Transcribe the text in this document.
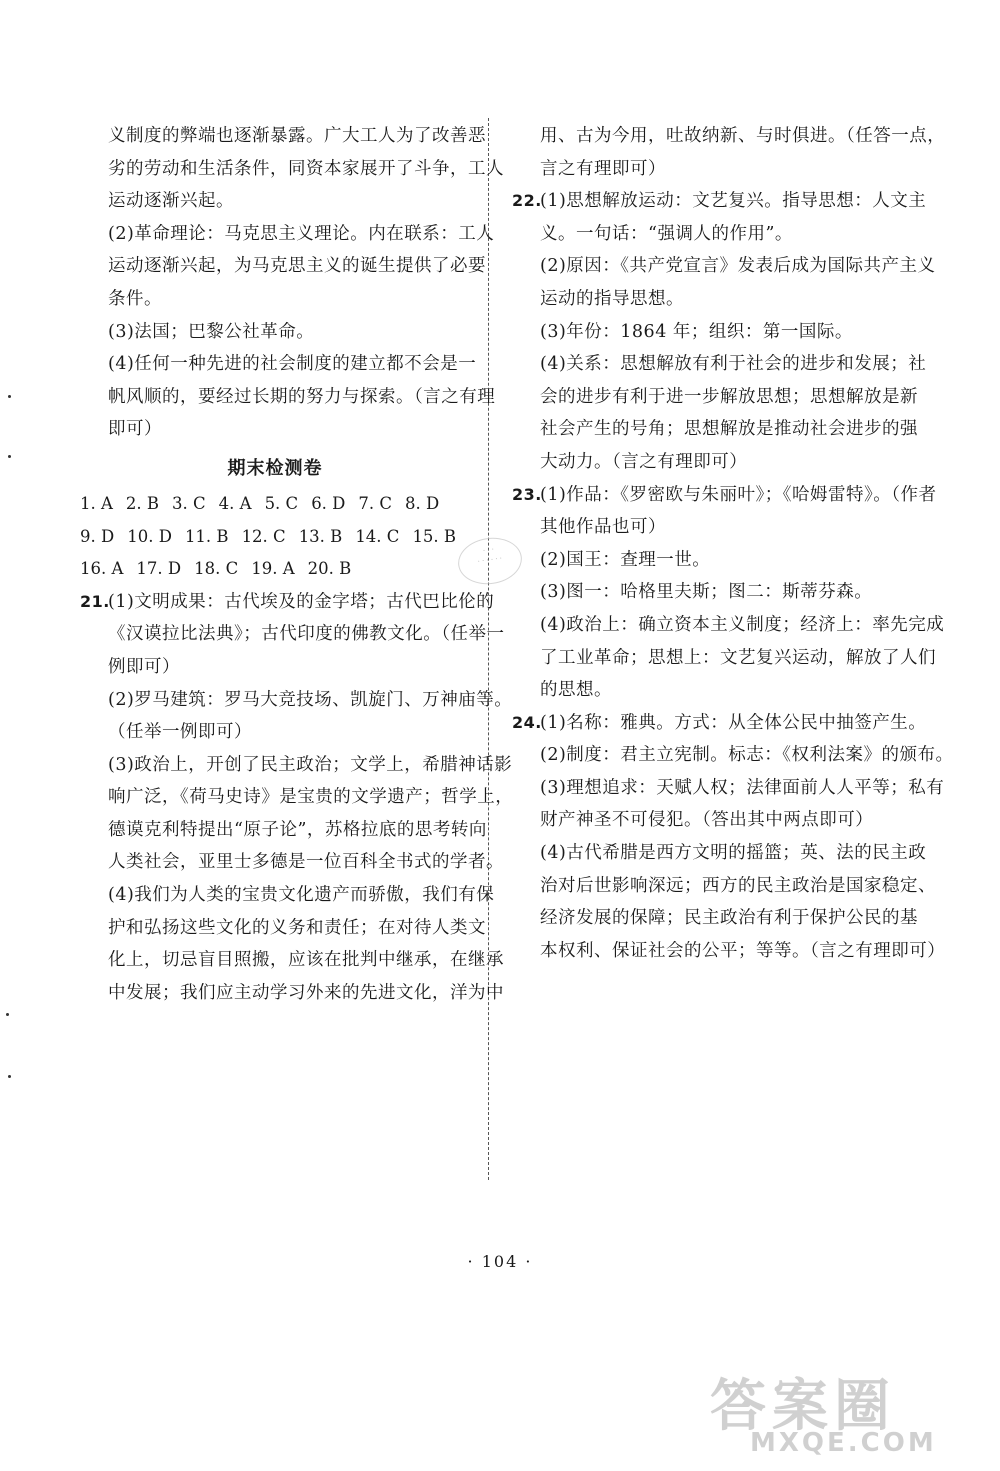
义制度的弊端也逐渐暴露。广大工人为了改善恶
劣的劳动和生活条件，同资本家展开了斗争，工人
运动逐渐兴起。
(2)革命理论：马克思主义理论。内在联系：工人
运动逐渐兴起，为马克思主义的诞生提供了必要
条件。
(3)法国；巴黎公社革命。
(4)任何一种先进的社会制度的建立都不会是一
帆风顺的，要经过长期的努力与探索。（言之有理
即可）
期末检测卷
1. A 2. B 3. C 4. A 5. C 6. D 7. C 8. D
9. D 10. D 11. B 12. C 13. B 14. C 15. B
16. A 17. D 18. C 19. A 20. B
21.(1)文明成果：古代埃及的金字塔；古代巴比伦的
《汉谟拉比法典》；古代印度的佛教文化。（任举一
例即可）
(2)罗马建筑：罗马大竞技场、凯旋门、万神庙等。
（任举一例即可）
(3)政治上，开创了民主政治；文学上，希腊神话影
响广泛，《荷马史诗》是宝贵的文学遗产；哲学上，
德谟克利特提出“原子论”，苏格拉底的思考转向
人类社会，亚里士多德是一位百科全书式的学者。
(4)我们为人类的宝贵文化遗产而骄傲，我们有保
护和弘扬这些文化的义务和责任；在对待人类文
化上，切忌盲目照搬，应该在批判中继承，在继承
中发展；我们应主动学习外来的先进文化，洋为中
用、古为今用，吐故纳新、与时俱进。（任答一点，
言之有理即可）
22.(1)思想解放运动：文艺复兴。指导思想：人文主
义。一句话：“强调人的作用”。
(2)原因：《共产党宣言》发表后成为国际共产主义
运动的指导思想。
(3)年份：1864 年；组织：第一国际。
(4)关系：思想解放有利于社会的进步和发展；社
会的进步有利于进一步解放思想；思想解放是新
社会产生的号角；思想解放是推动社会进步的强
大动力。（言之有理即可）
23.(1)作品：《罗密欧与朱丽叶》；《哈姆雷特》。（作者
其他作品也可）
(2)国王：查理一世。
(3)图一：哈格里夫斯；图二：斯蒂芬森。
(4)政治上：确立资本主义制度；经济上：率先完成
了工业革命；思想上：文艺复兴运动，解放了人们
的思想。
24.(1)名称：雅典。方式：从全体公民中抽签产生。
(2)制度：君主立宪制。标志：《权利法案》的颁布。
(3)理想追求：天赋人权；法律面前人人平等；私有
财产神圣不可侵犯。（答出其中两点即可）
(4)古代希腊是西方文明的摇篮；英、法的民主政
治对后世影响深远；西方的民主政治是国家稳定、
经济发展的保障；民主政治有利于保护公民的基
本权利、保证社会的公平；等等。（言之有理即可）
· · ·
· · · · · ·
· 104 ·
答案圈
MXQE.COM
